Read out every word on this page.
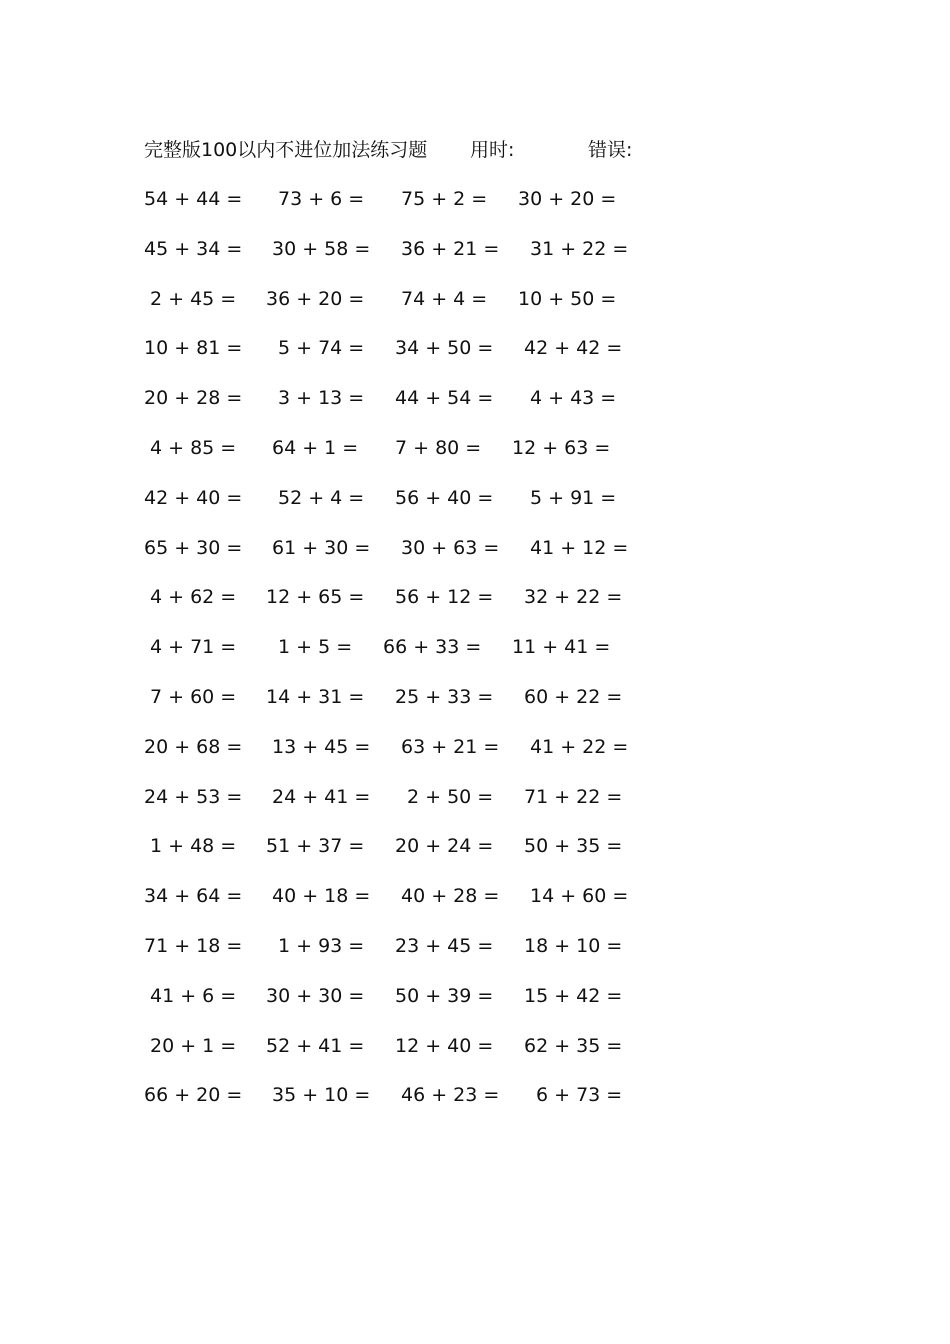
完整版100以内不进位加法练习题 用时:	错误:
54 + 44 = 73 + 6 = 75 + 2 = 30 + 20 =
45 + 34 = 30 + 58 = 36 + 21 = 31 + 22 =
2 + 45 = 36 + 20 = 74 + 4 = 10 + 50 =
10 + 81 = 5 + 74 = 34 + 50 = 42 + 42 =
20 + 28 = 3 + 13 = 44 + 54 = 4 + 43 =
4 + 85 = 64 + 1 = 7 + 80 = 12 + 63 =
42 + 40 = 52 + 4 = 56 + 40 = 5 + 91 =
65 + 30 = 61 + 30 = 30 + 63 = 41 + 12 =
4 + 62 = 12 + 65 = 56 + 12 = 32 + 22 =
4 + 71 = 1 + 5 = 66 + 33 = 11 + 41 =
7 + 60 = 14 + 31 = 25 + 33 = 60 + 22 =
20 + 68 = 13 + 45 = 63 + 21 = 41 + 22 =
24 + 53 = 24 + 41 = 2 + 50 = 71 + 22 =
1 + 48 = 51 + 37 = 20 + 24 = 50 + 35 =
34 + 64 = 40 + 18 = 40 + 28 = 14 + 60 =
71 + 18 = 1 + 93 = 23 + 45 = 18 + 10 =
41 + 6 = 30 + 30 = 50 + 39 = 15 + 42 =
20 + 1 = 52 + 41 = 12 + 40 = 62 + 35 =
66 + 20 = 35 + 10 = 46 + 23 = 6 + 73 =
